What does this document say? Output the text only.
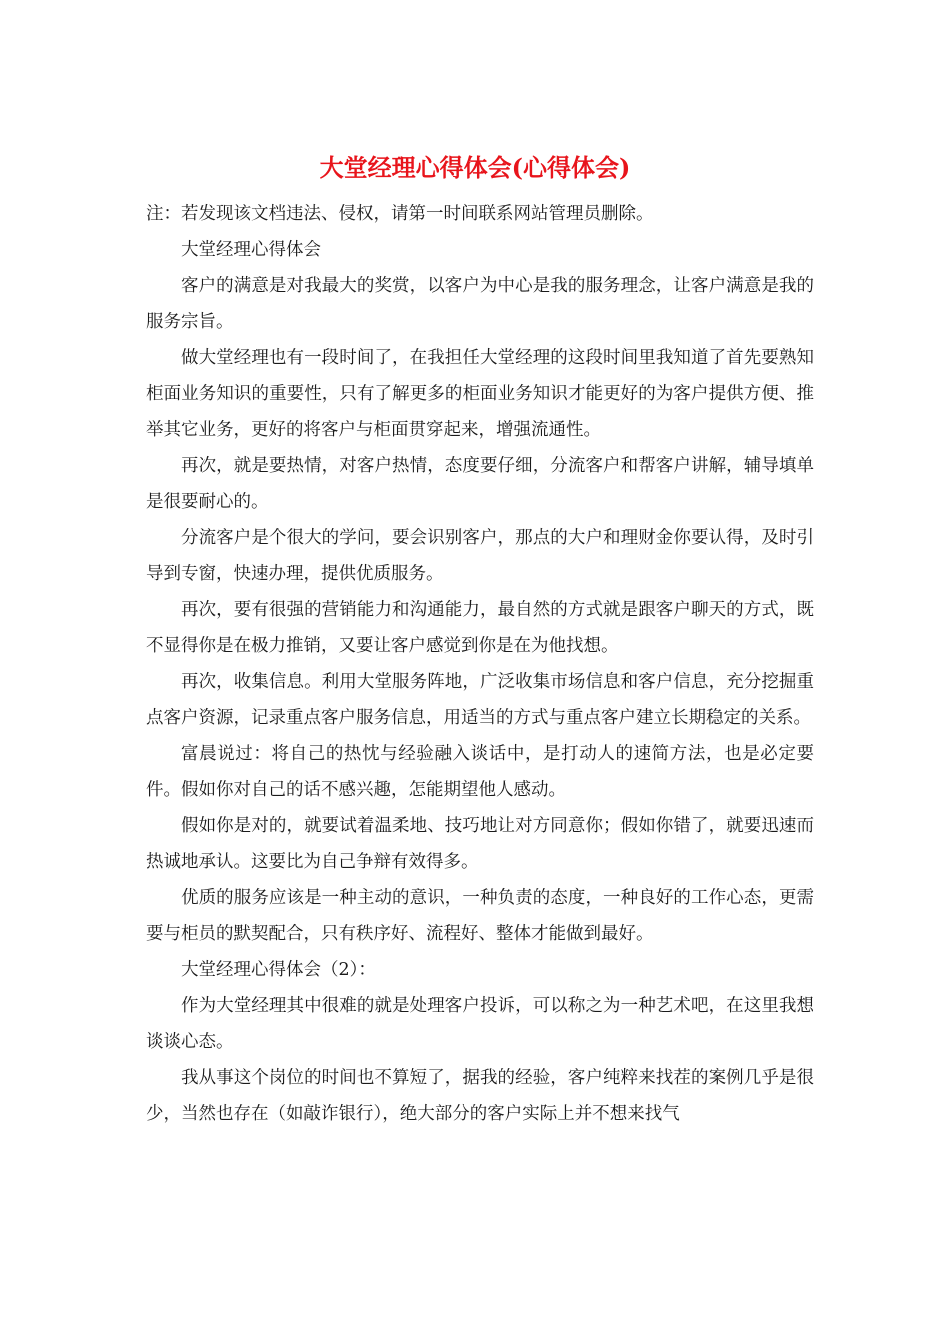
大堂经理心得体会(心得体会)

注：若发现该文档违法、侵权，请第一时间联系网站管理员删除。

大堂经理心得体会

客户的满意是对我最大的奖赏，以客户为中心是我的服务理念，让客户满意是我的服务宗旨。

做大堂经理也有一段时间了，在我担任大堂经理的这段时间里我知道了首先要熟知柜面业务知识的重要性，只有了解更多的柜面业务知识才能更好的为客户提供方便、推举其它业务，更好的将客户与柜面贯穿起来，增强流通性。

再次，就是要热情，对客户热情，态度要仔细，分流客户和帮客户讲解，辅导填单是很要耐心的。

分流客户是个很大的学问，要会识别客户，那点的大户和理财金你要认得，及时引导到专窗，快速办理，提供优质服务。

再次，要有很强的营销能力和沟通能力，最自然的方式就是跟客户聊天的方式，既不显得你是在极力推销，又要让客户感觉到你是在为他找想。

再次，收集信息。利用大堂服务阵地，广泛收集市场信息和客户信息，充分挖掘重点客户资源，记录重点客户服务信息，用适当的方式与重点客户建立长期稳定的关系。

富晨说过：将自己的热忱与经验融入谈话中，是打动人的速简方法，也是必定要件。假如你对自己的话不感兴趣，怎能期望他人感动。

假如你是对的，就要试着温柔地、技巧地让对方同意你；假如你错了，就要迅速而热诚地承认。这要比为自己争辩有效得多。

优质的服务应该是一种主动的意识，一种负责的态度，一种良好的工作心态，更需要与柜员的默契配合，只有秩序好、流程好、整体才能做到最好。

大堂经理心得体会（2）：

作为大堂经理其中很难的就是处理客户投诉，可以称之为一种艺术吧，在这里我想谈谈心态。

我从事这个岗位的时间也不算短了，据我的经验，客户纯粹来找茬的案例几乎是很少，当然也存在（如敲诈银行），绝大部分的客户实际上并不想来找气
